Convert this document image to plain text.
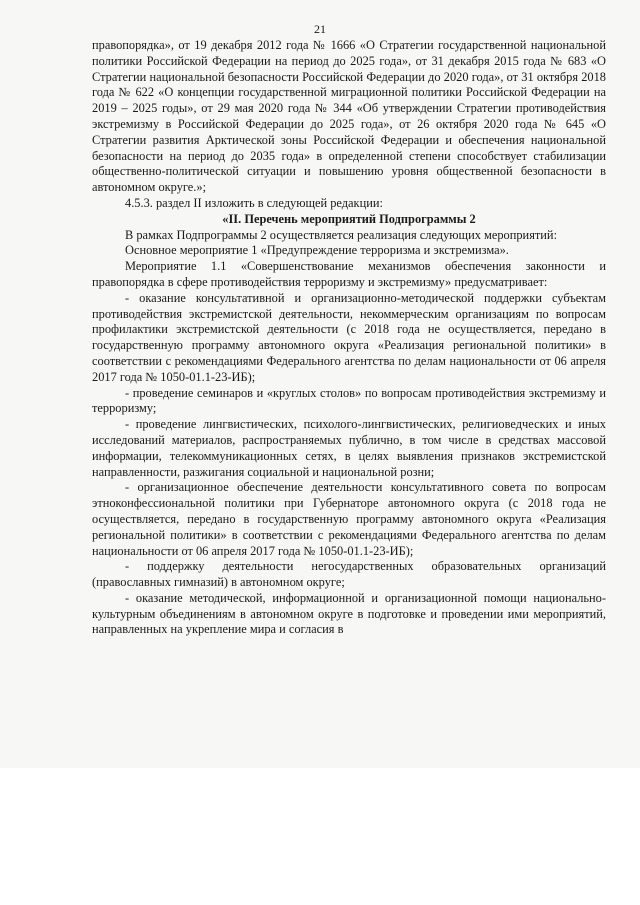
21

правопорядка», от 19 декабря 2012 года № 1666 «О Стратегии государственной национальной политики Российской Федерации на период до 2025 года», от 31 декабря 2015 года № 683 «О Стратегии национальной безопасности Российской Федерации до 2020 года», от 31 октября 2018 года № 622 «О концепции государственной миграционной политики Российской Федерации на 2019 – 2025 годы», от 29 мая 2020 года № 344 «Об утверждении Стратегии противодействия экстремизму в Российской Федерации до 2025 года», от 26 октября 2020 года № 645 «О Стратегии развития Арктической зоны Российской Федерации и обеспечения национальной безопасности на период до 2035 года» в определенной степени способствует стабилизации общественно-политической ситуации и повышению уровня общественной безопасности в автономном округе.»;

4.5.3. раздел II изложить в следующей редакции:

«II. Перечень мероприятий Подпрограммы 2

В рамках Подпрограммы 2 осуществляется реализация следующих мероприятий:

Основное мероприятие 1 «Предупреждение терроризма и экстремизма».

Мероприятие 1.1 «Совершенствование механизмов обеспечения законности и правопорядка в сфере противодействия терроризму и экстремизму» предусматривает:

- оказание консультативной и организационно-методической поддержки субъектам противодействия экстремистской деятельности, некоммерческим организациям по вопросам профилактики экстремистской деятельности (с 2018 года не осуществляется, передано в государственную программу автономного округа «Реализация региональной политики» в соответствии с рекомендациями Федерального агентства по делам национальности от 06 апреля 2017 года № 1050-01.1-23-ИБ);

- проведение семинаров и «круглых столов» по вопросам противодействия экстремизму и терроризму;

- проведение лингвистических, психолого-лингвистических, религиоведческих и иных исследований материалов, распространяемых публично, в том числе в средствах массовой информации, телекоммуникационных сетях, в целях выявления признаков экстремистской направленности, разжигания социальной и национальной розни;

- организационное обеспечение деятельности консультативного совета по вопросам этноконфессиональной политики при Губернаторе автономного округа (с 2018 года не осуществляется, передано в государственную программу автономного округа «Реализация региональной политики» в соответствии с рекомендациями Федерального агентства по делам национальности от 06 апреля 2017 года № 1050-01.1-23-ИБ);

- поддержку деятельности негосударственных образовательных организаций (православных гимназий) в автономном округе;

- оказание методической, информационной и организационной помощи национально-культурным объединениям в автономном округе в подготовке и проведении ими мероприятий, направленных на укрепление мира и согласия в
